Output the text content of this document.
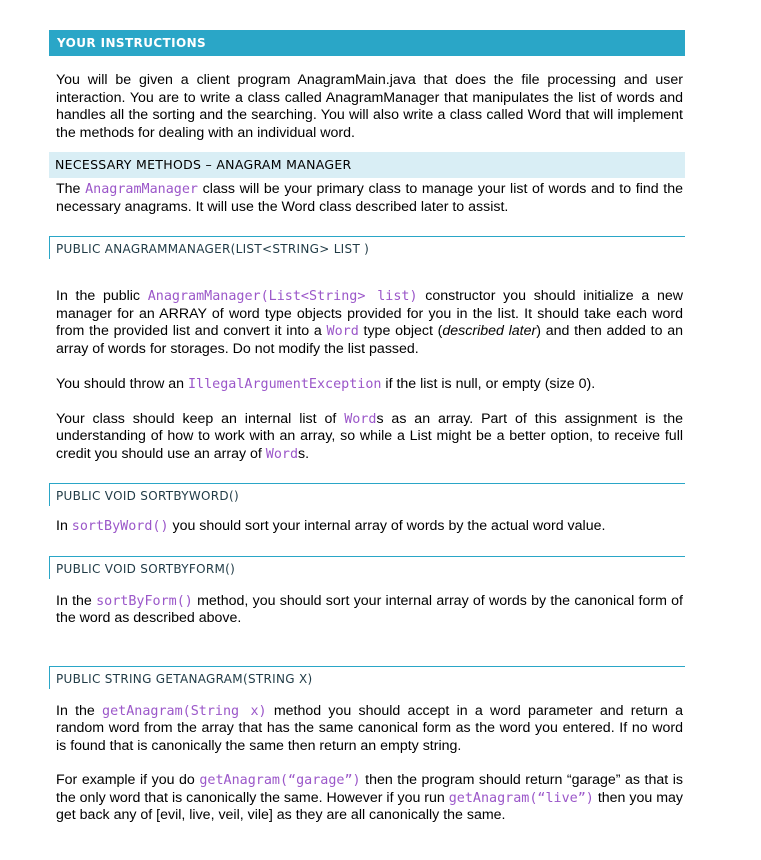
YOUR INSTRUCTIONS

You will be given a client program AnagramMain.java that does the file processing and user interaction. You are to write a class called AnagramManager that manipulates the list of words and handles all the sorting and the searching. You will also write a class called Word that will implement the methods for dealing with an individual word.

NECESSARY METHODS – ANAGRAM MANAGER

The AnagramManager class will be your primary class to manage your list of words and to find the necessary anagrams. It will use the Word class described later to assist.

PUBLIC ANAGRAMMANAGER(LIST<STRING> LIST )

In the public AnagramManager(List<String> list) constructor you should initialize a new manager for an ARRAY of word type objects provided for you in the list. It should take each word from the provided list and convert it into a Word type object (described later) and then added to an array of words for storages. Do not modify the list passed.

You should throw an IllegalArgumentException if the list is null, or empty (size 0).

Your class should keep an internal list of Words as an array. Part of this assignment is the understanding of how to work with an array, so while a List might be a better option, to receive full credit you should use an array of Words.

PUBLIC VOID SORTBYWORD()

In sortByWord() you should sort your internal array of words by the actual word value.

PUBLIC VOID SORTBYFORM()

In the sortByForm() method, you should sort your internal array of words by the canonical form of the word as described above.

PUBLIC STRING GETANAGRAM(STRING X)

In the getAnagram(String x) method you should accept in a word parameter and return a random word from the array that has the same canonical form as the word you entered. If no word is found that is canonically the same then return an empty string.

For example if you do getAnagram(“garage”) then the program should return “garage” as that is the only word that is canonically the same. However if you run getAnagram(“live”) then you may get back any of [evil, live, veil, vile] as they are all canonically the same.
